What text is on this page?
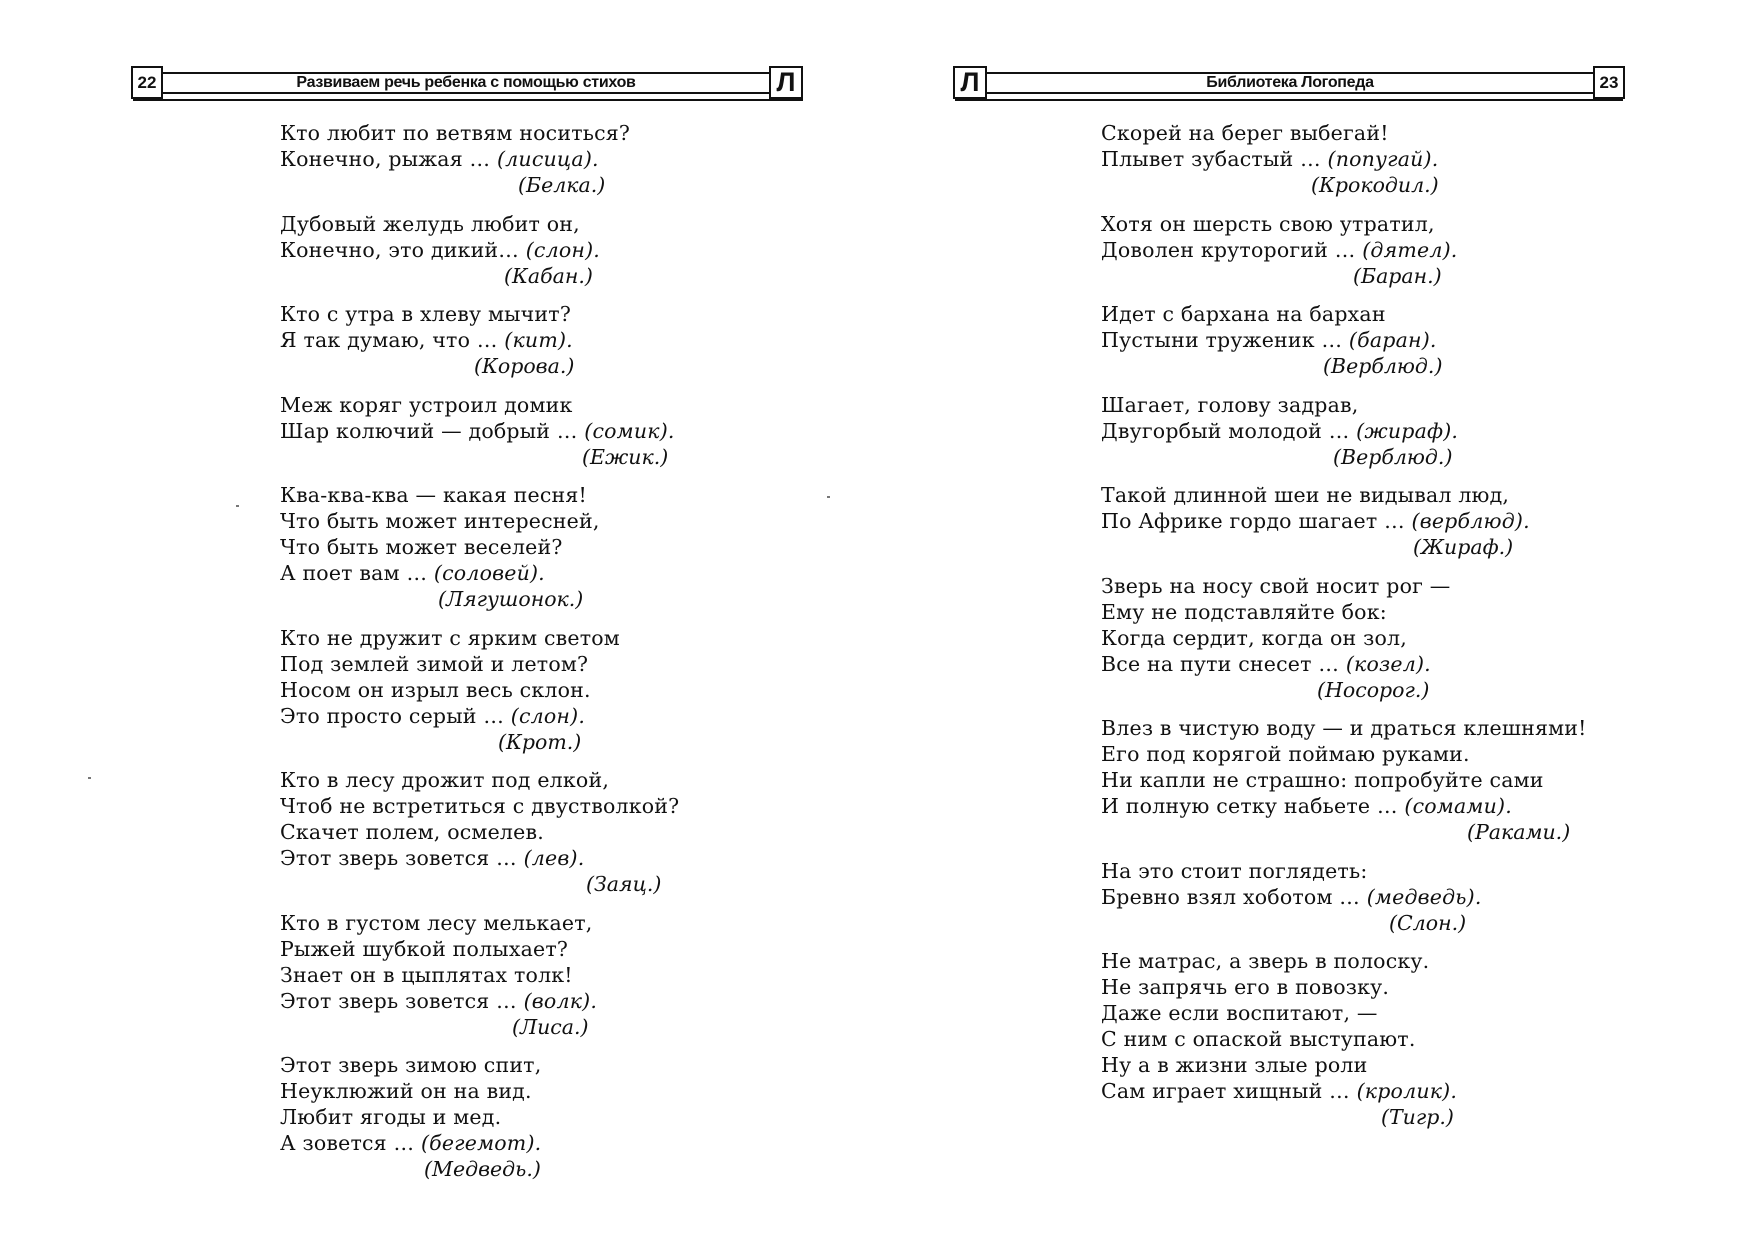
22	Развиваем речь ребенка с помощью стихов	Л
Кто любит по ветвям носиться?
Конечно, рыжая … (лисица).
(Белка.)
Дубовый желудь любит он,
Конечно, это дикий… (слон).
(Кабан.)
Кто с утра в хлеву мычит?
Я так думаю, что … (кит).
(Корова.)
Меж коряг устроил домик
Шар колючий — добрый … (сомик).
(Ежик.)
Ква-ква-ква — какая песня!
Что быть может интересней,
Что быть может веселей?
А поет вам … (соловей).
(Лягушонок.)
Кто не дружит с ярким светом
Под землей зимой и летом?
Носом он изрыл весь склон.
Это просто серый … (слон).
(Крот.)
Кто в лесу дрожит под елкой,
Чтоб не встретиться с двустволкой?
Скачет полем, осмелев.
Этот зверь зовется … (лев).
(Заяц.)
Кто в густом лесу мелькает,
Рыжей шубкой полыхает?
Знает он в цыплятах толк!
Этот зверь зовется … (волк).
(Лиса.)
Этот зверь зимою спит,
Неуклюжий он на вид.
Любит ягоды и мед.
А зовется … (бегемот).
(Медведь.)
Л	Библиотека Логопеда	23
Скорей на берег выбегай!
Плывет зубастый … (попугай).
(Крокодил.)
Хотя он шерсть свою утратил,
Доволен круторогий … (дятел).
(Баран.)
Идет с бархана на бархан
Пустыни труженик … (баран).
(Верблюд.)
Шагает, голову задрав,
Двугорбый молодой … (жираф).
(Верблюд.)
Такой длинной шеи не видывал люд,
По Африке гордо шагает … (верблюд).
(Жираф.)
Зверь на носу свой носит рог —
Ему не подставляйте бок:
Когда сердит, когда он зол,
Все на пути снесет … (козел).
(Носорог.)
Влез в чистую воду — и драться клешнями!
Его под корягой поймаю руками.
Ни капли не страшно: попробуйте сами
И полную сетку набьете … (сомами).
(Раками.)
На это стоит поглядеть:
Бревно взял хоботом … (медведь).
(Слон.)
Не матрас, а зверь в полоску.
Не запрячь его в повозку.
Даже если воспитают, —
С ним с опаской выступают.
Ну а в жизни злые роли
Сам играет хищный … (кролик).
(Тигр.)
